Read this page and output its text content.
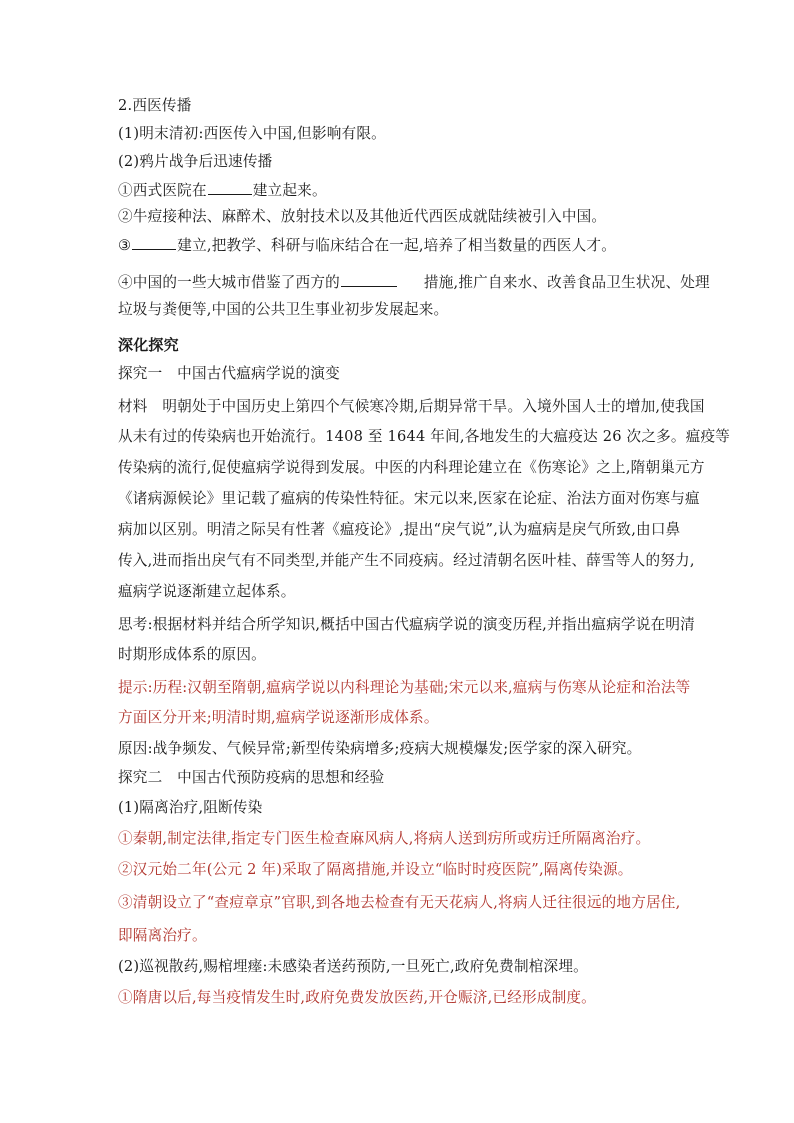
2.西医传播
(1)明末清初:西医传入中国,但影响有限。
(2)鸦片战争后迅速传播
①西式医院在	建立起来。
②牛痘接种法、麻醉术、放射技术以及其他近代西医成就陆续被引入中国。
③	建立,把教学、科研与临床结合在一起,培养了相当数量的西医人才。
④中国的一些大城市借鉴了西方的	措施,推广自来水、改善食品卫生状况、处理
垃圾与粪便等,中国的公共卫生事业初步发展起来。
深化探究
探究一　中国古代瘟病学说的演变
材料　明朝处于中国历史上第四个气候寒冷期,后期异常干旱。入境外国人士的增加,使我国
从未有过的传染病也开始流行。1408 至 1644 年间,各地发生的大瘟疫达 26 次之多。瘟疫等
传染病的流行,促使瘟病学说得到发展。中医的内科理论建立在《伤寒论》之上,隋朝巢元方
《诸病源候论》里记载了瘟病的传染性特征。宋元以来,医家在论症、治法方面对伤寒与瘟
病加以区别。明清之际吴有性著《瘟疫论》,提出“戾气说”,认为瘟病是戾气所致,由口鼻
传入,进而指出戾气有不同类型,并能产生不同疫病。经过清朝名医叶桂、薛雪等人的努力,
瘟病学说逐渐建立起体系。
思考:根据材料并结合所学知识,概括中国古代瘟病学说的演变历程,并指出瘟病学说在明清
时期形成体系的原因。
提示:历程:汉朝至隋朝,瘟病学说以内科理论为基础;宋元以来,瘟病与伤寒从论症和治法等
方面区分开来;明清时期,瘟病学说逐渐形成体系。
原因:战争频发、气候异常;新型传染病增多;疫病大规模爆发;医学家的深入研究。
探究二　中国古代预防疫病的思想和经验
(1)隔离治疗,阻断传染
①秦朝,制定法律,指定专门医生检查麻风病人,将病人送到疠所或疠迁所隔离治疗。
②汉元始二年(公元 2 年)采取了隔离措施,并设立“临时时疫医院”,隔离传染源。
③清朝设立了“查痘章京”官职,到各地去检查有无天花病人,将病人迁往很远的地方居住,
即隔离治疗。
(2)巡视散药,赐棺埋瘗:未感染者送药预防,一旦死亡,政府免费制棺深埋。
①隋唐以后,每当疫情发生时,政府免费发放医药,开仓赈济,已经形成制度。
